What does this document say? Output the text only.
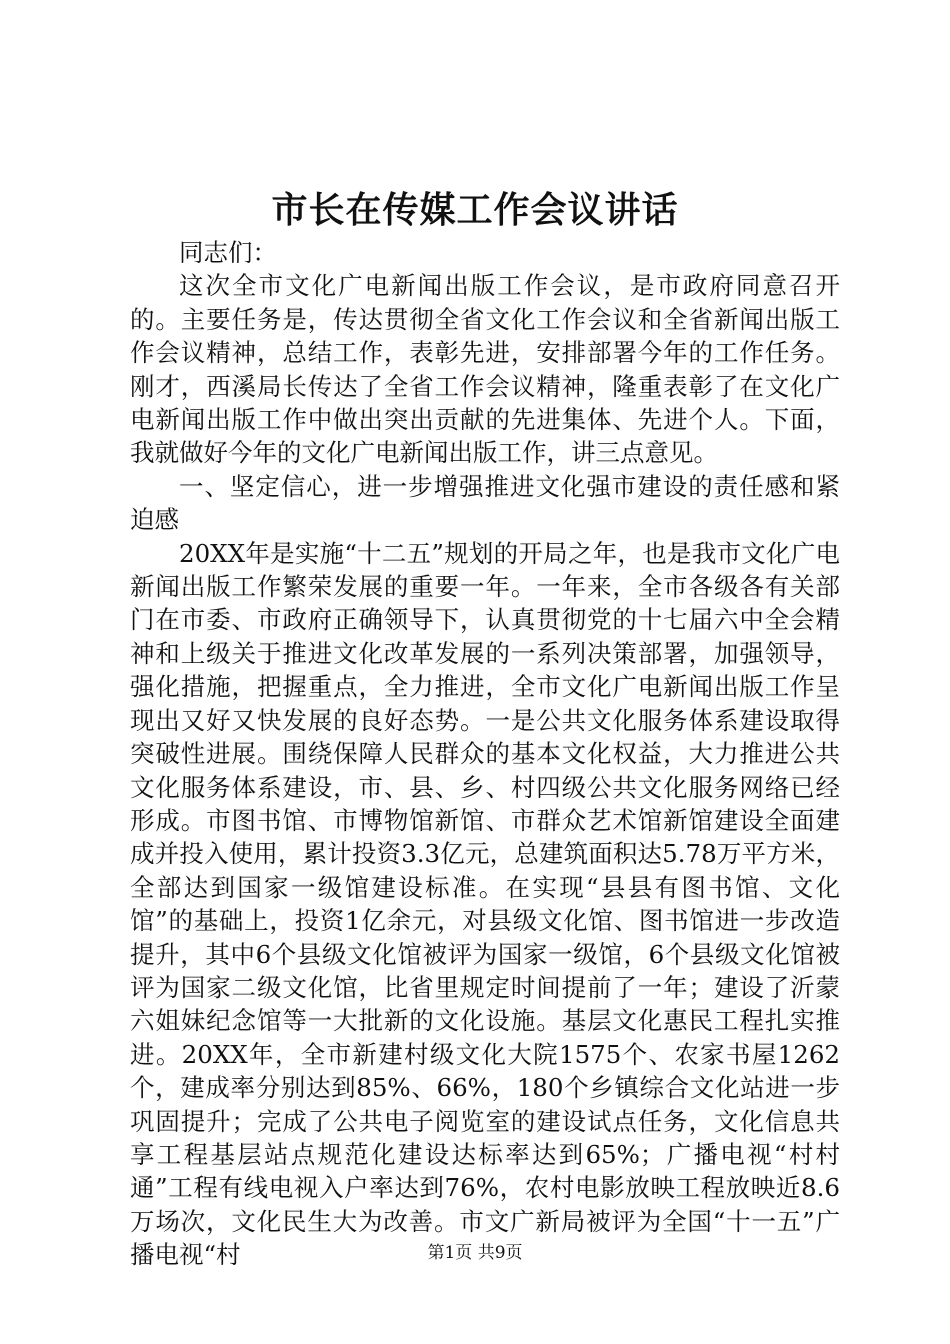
市长在传媒工作会议讲话

同志们：

这次全市文化广电新闻出版工作会议，是市政府同意召开的。主要任务是，传达贯彻全省文化工作会议和全省新闻出版工作会议精神，总结工作，表彰先进，安排部署今年的工作任务。刚才，西溪局长传达了全省工作会议精神，隆重表彰了在文化广电新闻出版工作中做出突出贡献的先进集体、先进个人。下面，我就做好今年的文化广电新闻出版工作，讲三点意见。

一、坚定信心，进一步增强推进文化强市建设的责任感和紧迫感

20XX年是实施“十二五”规划的开局之年，也是我市文化广电新闻出版工作繁荣发展的重要一年。一年来，全市各级各有关部门在市委、市政府正确领导下，认真贯彻党的十七届六中全会精神和上级关于推进文化改革发展的一系列决策部署，加强领导，强化措施，把握重点，全力推进，全市文化广电新闻出版工作呈现出又好又快发展的良好态势。一是公共文化服务体系建设取得突破性进展。围绕保障人民群众的基本文化权益，大力推进公共文化服务体系建设，市、县、乡、村四级公共文化服务网络已经形成。市图书馆、市博物馆新馆、市群众艺术馆新馆建设全面建成并投入使用，累计投资3.3亿元，总建筑面积达5.78万平方米，全部达到国家一级馆建设标准。在实现“县县有图书馆、文化馆”的基础上，投资1亿余元，对县级文化馆、图书馆进一步改造提升，其中6个县级文化馆被评为国家一级馆，6个县级文化馆被评为国家二级文化馆，比省里规定时间提前了一年；建设了沂蒙六姐妹纪念馆等一大批新的文化设施。基层文化惠民工程扎实推进。20XX年，全市新建村级文化大院1575个、农家书屋1262个，建成率分别达到85%、66%，180个乡镇综合文化站进一步巩固提升；完成了公共电子阅览室的建设试点任务，文化信息共享工程基层站点规范化建设达标率达到65%；广播电视“村村通”工程有线电视入户率达到76%，农村电影放映工程放映近8.6万场次，文化民生大为改善。市文广新局被评为全国“十一五”广播电视“村	第1页 共9页
